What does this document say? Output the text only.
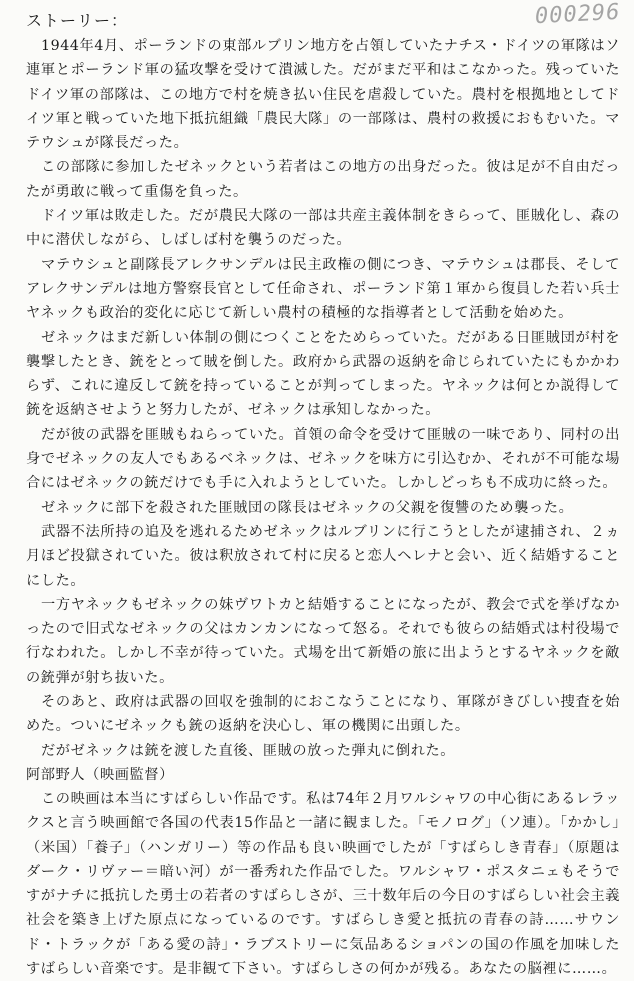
000296
ストーリー：

1944年4月、ポーランドの東部ルブリン地方を占領していたナチス・ドイツの軍隊はソ連軍とポーランド軍の猛攻撃を受けて潰滅した。だがまだ平和はこなかった。残っていたドイツ軍の部隊は、この地方で村を焼き払い住民を虐殺していた。農村を根拠地としてドイツ軍と戦っていた地下抵抗組織「農民大隊」の一部隊は、農村の救援におもむいた。マテウシュが隊長だった。

この部隊に参加したゼネックという若者はこの地方の出身だった。彼は足が不自由だったが勇敢に戦って重傷を負った。

ドイツ軍は敗走した。だが農民大隊の一部は共産主義体制をきらって、匪賊化し、森の中に潜伏しながら、しばしば村を襲うのだった。

マテウシュと副隊長アレクサンデルは民主政権の側につき、マテウシュは郡長、そしてアレクサンデルは地方警察長官として任命され、ポーランド第１軍から復員した若い兵士ヤネックも政治的変化に応じて新しい農村の積極的な指導者として活動を始めた。

ゼネックはまだ新しい体制の側につくことをためらっていた。だがある日匪賊団が村を襲撃したとき、銃をとって賊を倒した。政府から武器の返納を命じられていたにもかかわらず、これに違反して銃を持っていることが判ってしまった。ヤネックは何とか説得して銃を返納させようと努力したが、ゼネックは承知しなかった。

だが彼の武器を匪賊もねらっていた。首領の命令を受けて匪賊の一味であり、同村の出身でゼネックの友人でもあるベネックは、ゼネックを味方に引込むか、それが不可能な場合にはゼネックの銃だけでも手に入れようとしていた。しかしどっちも不成功に終った。

ゼネックに部下を殺された匪賊団の隊長はゼネックの父親を復讐のため襲った。

武器不法所持の追及を逃れるためゼネックはルブリンに行こうとしたが逮捕され、２ヵ月ほど投獄されていた。彼は釈放されて村に戻ると恋人ヘレナと会い、近く結婚することにした。

一方ヤネックもゼネックの妹ヴワトカと結婚することになったが、教会で式を挙げなかったので旧式なゼネックの父はカンカンになって怒る。それでも彼らの結婚式は村役場で行なわれた。しかし不幸が待っていた。式場を出て新婚の旅に出ようとするヤネックを敵の銃弾が射ち抜いた。

そのあと、政府は武器の回収を強制的におこなうことになり、軍隊がきびしい捜査を始めた。ついにゼネックも銃の返納を決心し、軍の機関に出頭した。

だがゼネックは銃を渡した直後、匪賊の放った弾丸に倒れた。

阿部野人（映画監督）

この映画は本当にすばらしい作品です。私は74年２月ワルシャワの中心街にあるレラックスと言う映画館で各国の代表15作品と一諸に観ました。「モノログ」（ソ連）。「かかし」（米国）「養子」（ハンガリー）等の作品も良い映画でしたが「すばらしき青春」（原題はダーク・リヴァー＝暗い河）が一番秀れた作品でした。ワルシャワ・ポスタニェもそうですがナチに抵抗した勇士の若者のすばらしさが、三十数年后の今日のすばらしい社会主義社会を築き上げた原点になっているのです。すばらしき愛と抵抗の青春の詩……サウンド・トラックが「ある愛の詩」・ラブストリーに気品あるショパンの国の作風を加味したすばらしい音楽です。是非観て下さい。すばらしさの何かが残る。あなたの脳裡に……。
